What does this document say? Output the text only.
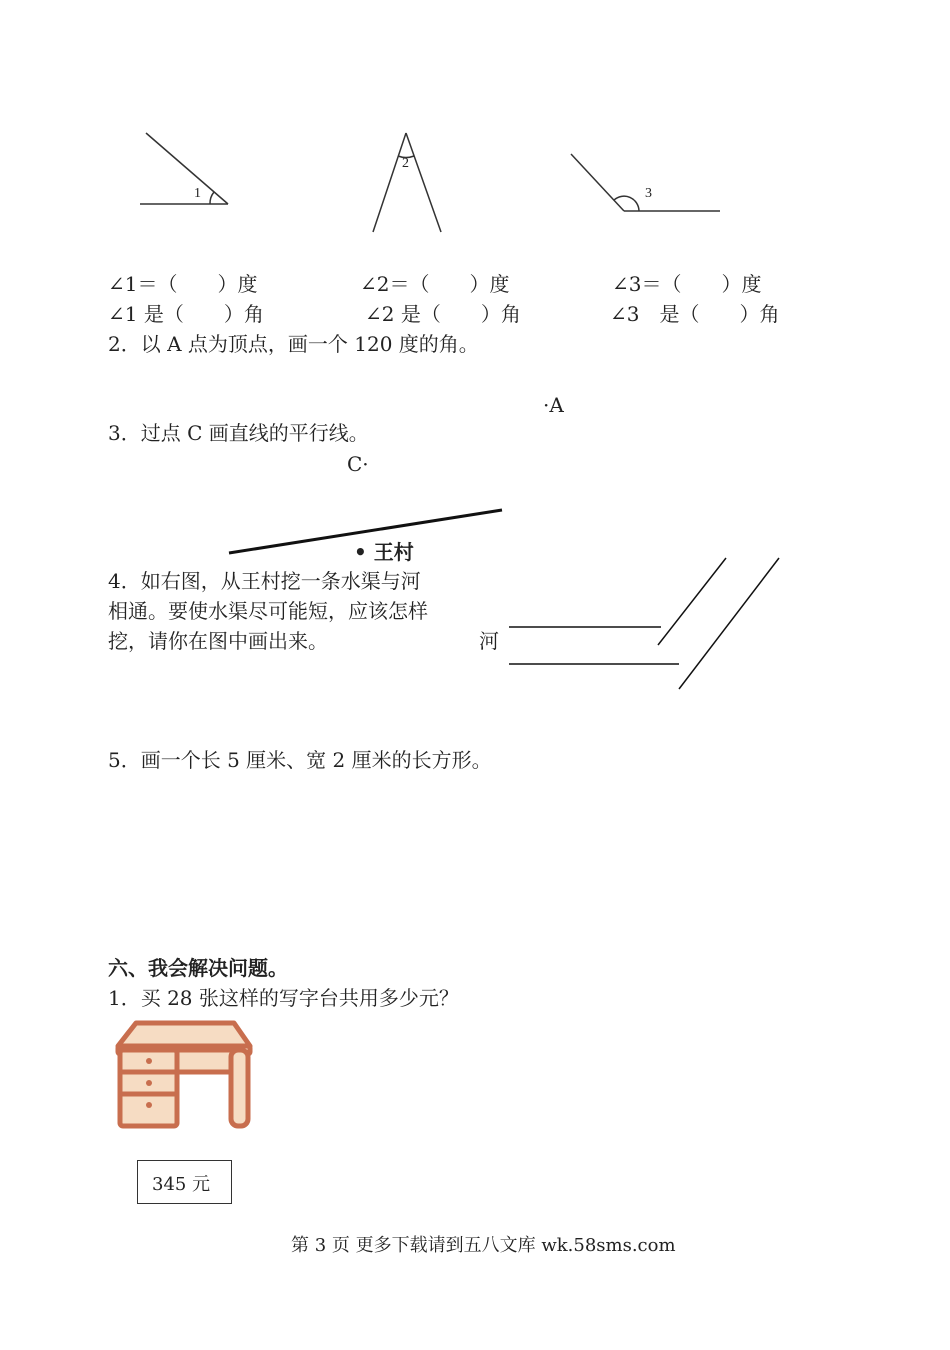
1
2
3
∠1＝（　　）度	∠2＝（　　）度	∠3＝（　　）度
∠1 是（　　）角	∠2 是（　　）角	∠3　是（　　）角
2．以 A 点为顶点，画一个 120 度的角。
·A
3．过点 C 画直线的平行线。
C·
• 王村
4．如右图，从王村挖一条水渠与河
相通。要使水渠尽可能短，应该怎样
挖，请你在图中画出来。	河
5．画一个长 5 厘米、宽 2 厘米的长方形。
六、我会解决问题。
1．买 28 张这样的写字台共用多少元？
345 元
第 3 页 更多下载请到五八文库 wk.58sms.com
